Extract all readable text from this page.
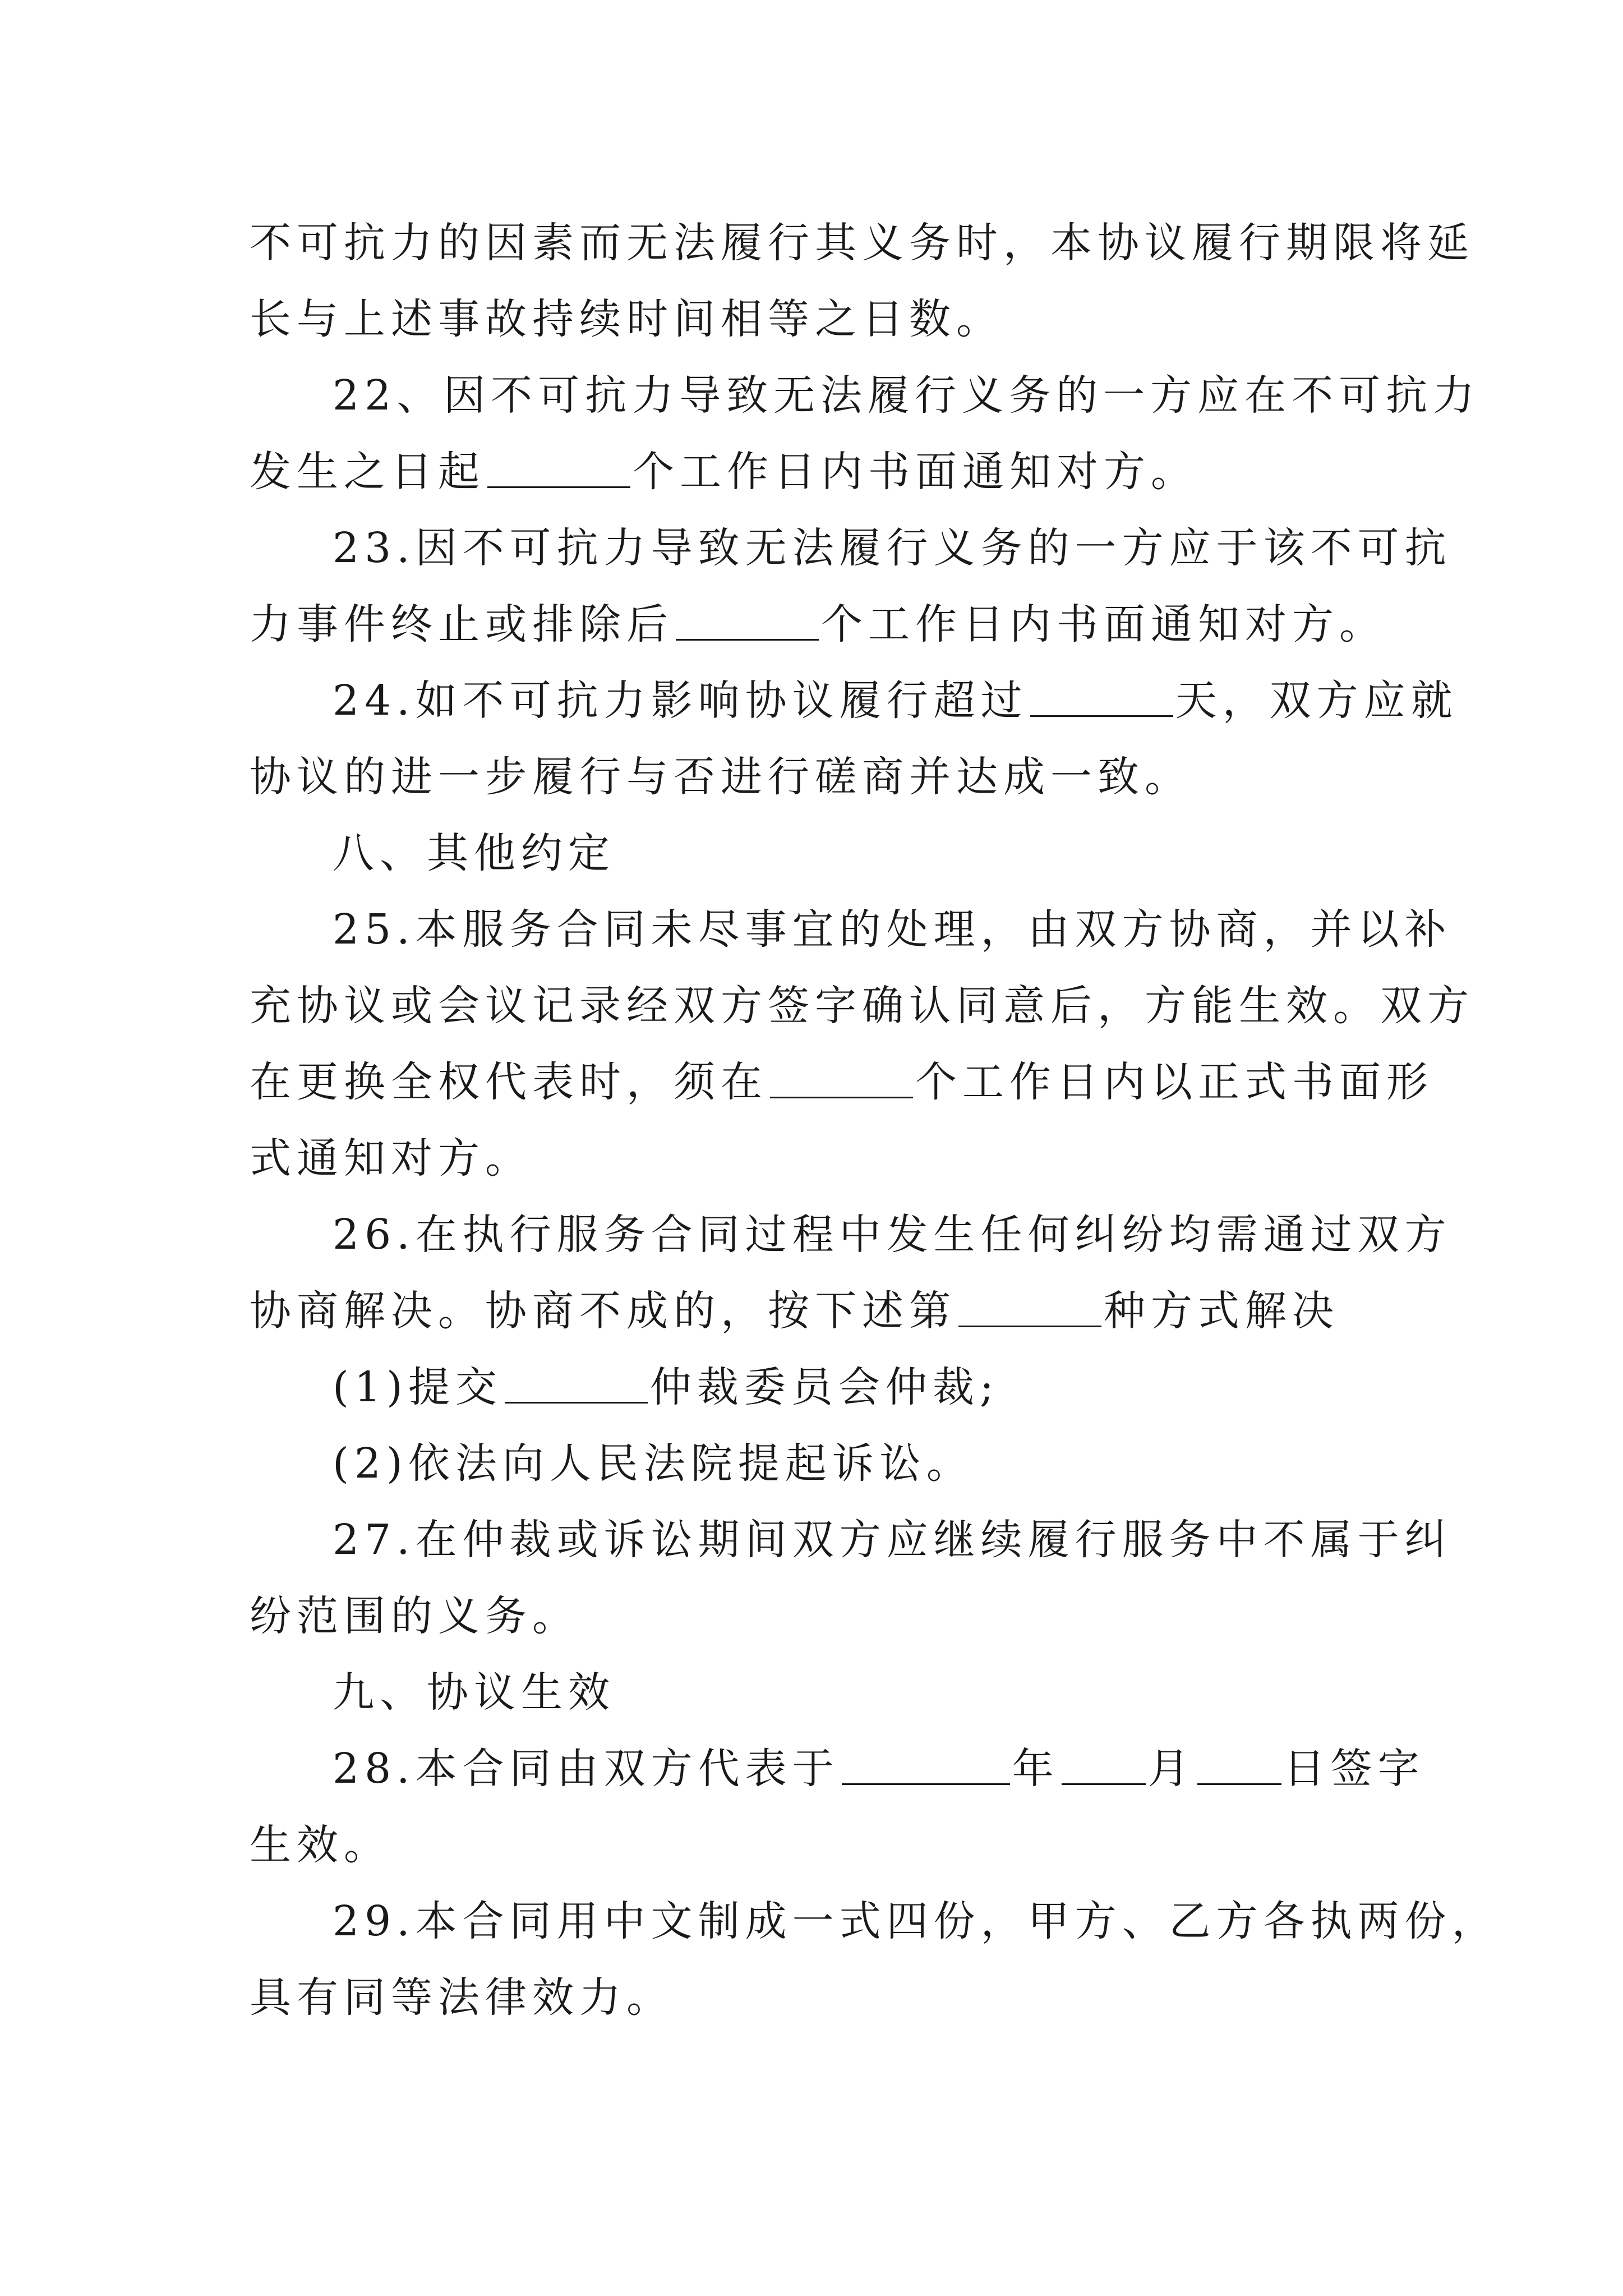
不可抗力的因素而无法履行其义务时，本协议履行期限将延
长与上述事故持续时间相等之日数。
22、因不可抗力导致无法履行义务的一方应在不可抗力
发生之日起	个工作日内书面通知对方。
23.因不可抗力导致无法履行义务的一方应于该不可抗
力事件终止或排除后	个工作日内书面通知对方。
24.如不可抗力影响协议履行超过	天，双方应就
协议的进一步履行与否进行磋商并达成一致。
八、其他约定
25.本服务合同未尽事宜的处理，由双方协商，并以补
充协议或会议记录经双方签字确认同意后，方能生效。双方
在更换全权代表时，须在	个工作日内以正式书面形
式通知对方。
26.在执行服务合同过程中发生任何纠纷均需通过双方
协商解决。协商不成的，按下述第	种方式解决
(1)提交	仲裁委员会仲裁;
(2)依法向人民法院提起诉讼。
27.在仲裁或诉讼期间双方应继续履行服务中不属于纠
纷范围的义务。
九、协议生效
28.本合同由双方代表于	年 月 日签字
生效。
29.本合同用中文制成一式四份，甲方、乙方各执两份，
具有同等法律效力。
